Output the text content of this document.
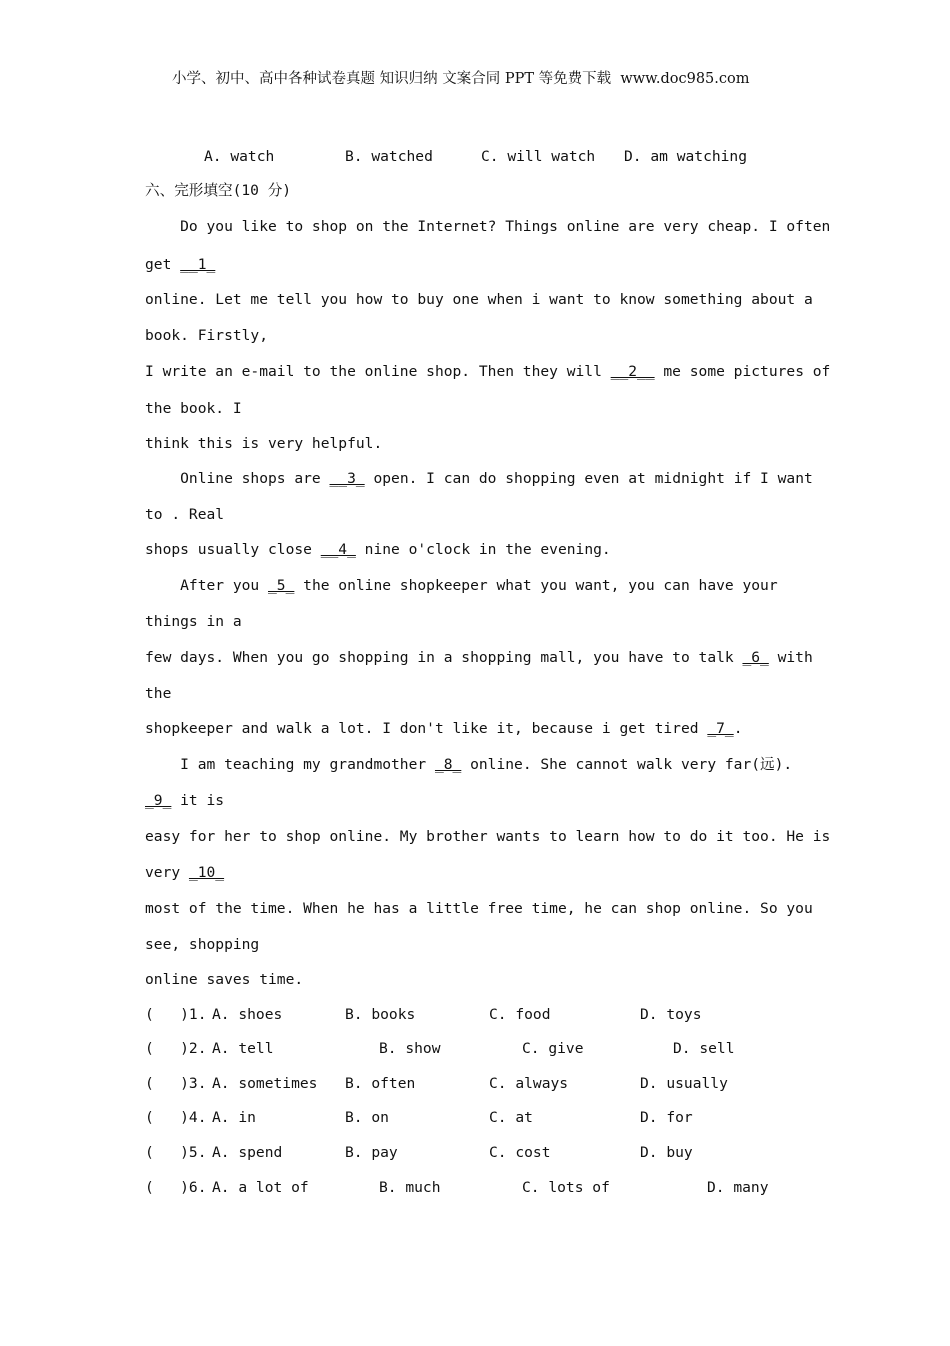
小学、初中、高中各种试卷真题 知识归纳 文案合同 PPT 等免费下载  www.doc985.com
A. watch	B. watched	C. will watch D. am watching
六、完形填空(10 分)
Do you like to shop on the Internet? Things online are very cheap. I often
get __1_
online. Let me tell you how to buy one when i want to know something about a
book. Firstly,
I write an e-mail to the online shop. Then they will __2__ me some pictures of
the book. I
think this is very helpful.
Online shops are __3_ open. I can do shopping even at midnight if I want
to . Real
shops usually close __4_ nine o'clock in the evening.
After you _5_ the online shopkeeper what you want, you can have your
things in a
few days. When you go shopping in a shopping mall, you have to talk _6_ with
the
shopkeeper and walk a lot. I don't like it, because i get tired _7_.
I am teaching my grandmother _8_ online. She cannot walk very far(远).
_9_ it is
easy for her to shop online. My brother wants to learn how to do it too. He is
very _10_
most of the time. When he has a little free time, he can shop online. So you
see, shopping
online saves time.
(   )1. A. shoes	B. books	C. food	D. toys
(   )2. A. tell	B. show	C. give	D. sell
(   )3. A. sometimes B. often	C. always	D. usually
(   )4. A. in	B. on	C. at	D. for
(   )5. A. spend	B. pay	C. cost	D. buy
(   )6. A. a lot of	B. much	C. lots of	D. many
